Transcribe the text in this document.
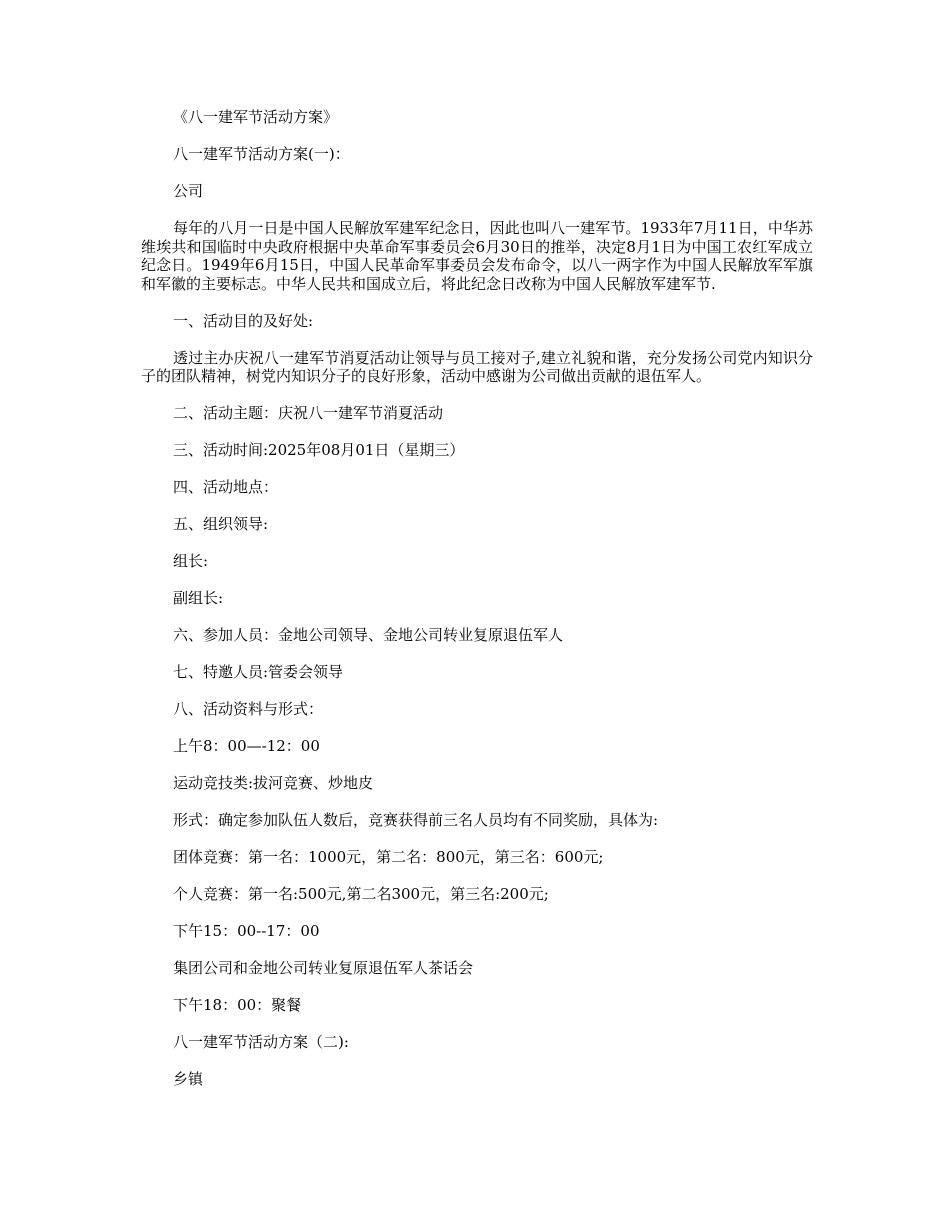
《八一建军节活动方案》

八一建军节活动方案(一)：

公司

每年的八月一日是中国人民解放军建军纪念日，因此也叫八一建军节。1933年7月11日，中华苏维埃共和国临时中央政府根据中央革命军事委员会6月30日的推举，决定8月1日为中国工农红军成立纪念日。1949年6月15日，中国人民革命军事委员会发布命令，以八一两字作为中国人民解放军军旗和军徽的主要标志。中华人民共和国成立后，将此纪念日改称为中国人民解放军建军节.

一、活动目的及好处:

透过主办庆祝八一建军节消夏活动让领导与员工接对子,建立礼貌和谐，充分发扬公司党内知识分子的团队精神，树党内知识分子的良好形象，活动中感谢为公司做出贡献的退伍军人。

二、活动主题：庆祝八一建军节消夏活动

三、活动时间:2025年08月01日（星期三）

四、活动地点：

五、组织领导:

组长:

副组长:

六、参加人员：金地公司领导、金地公司转业复原退伍军人

七、特邀人员:管委会领导

八、活动资料与形式：

上午8：00—-12：00

运动竞技类:拔河竞赛、炒地皮

形式：确定参加队伍人数后，竞赛获得前三名人员均有不同奖励，具体为:

团体竞赛：第一名：1000元，第二名：800元，第三名：600元;

个人竞赛：第一名:500元,第二名300元，第三名:200元;

下午15：00--17：00

集团公司和金地公司转业复原退伍军人茶话会

下午18：00：聚餐

八一建军节活动方案（二):

乡镇
